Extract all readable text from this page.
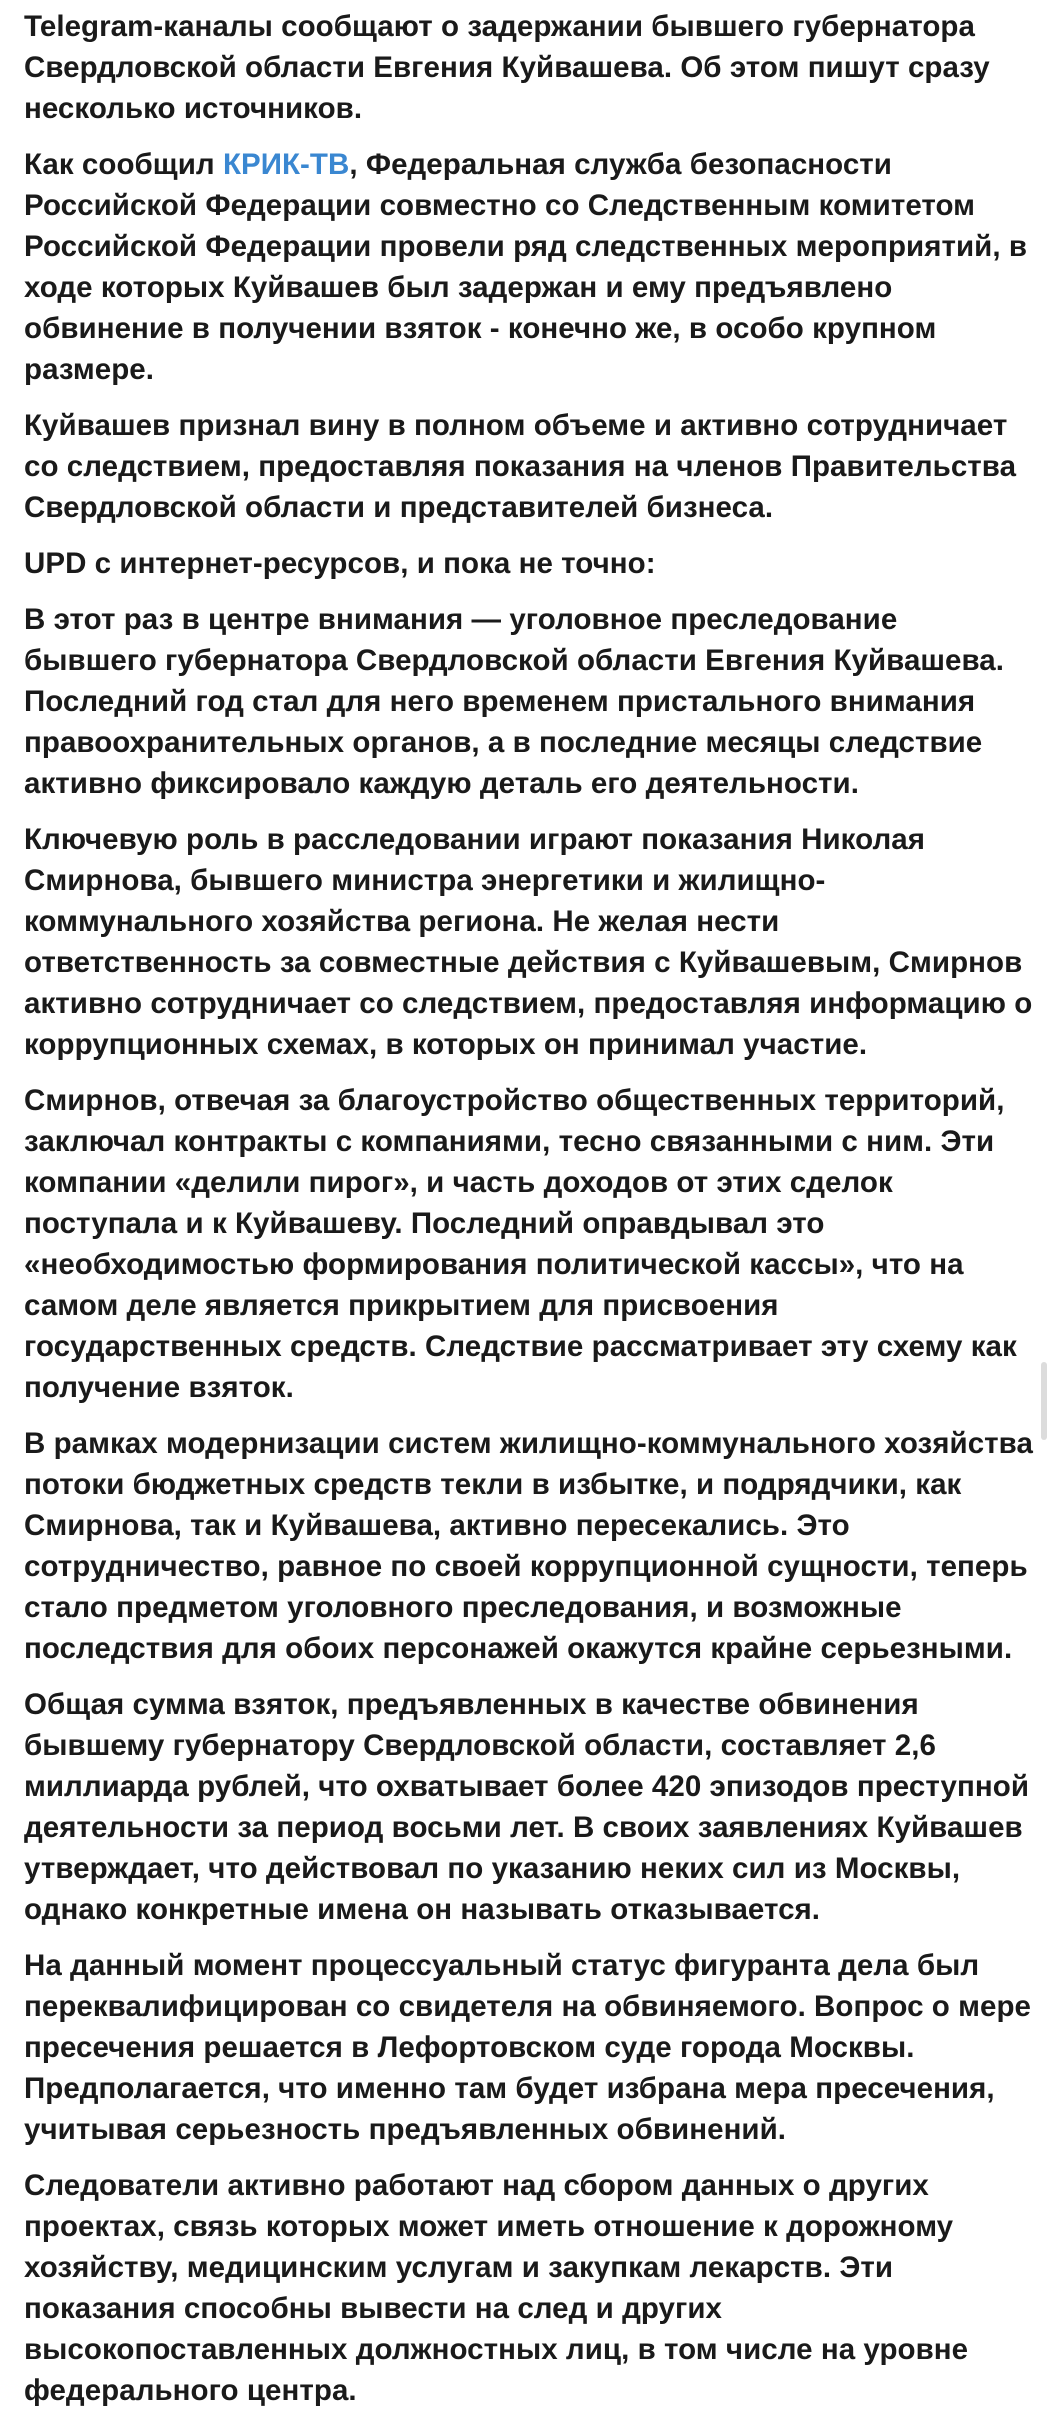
Telegram-каналы сообщают о задержании бывшего губернатора Свердловской области Евгения Куйвашева. Об этом пишут сразу несколько источников.

Как сообщил КРИК-ТВ, Федеральная служба безопасности Российской Федерации совместно со Следственным комитетом Российской Федерации провели ряд следственных мероприятий, в ходе которых Куйвашев был задержан и ему предъявлено обвинение в получении взяток - конечно же, в особо крупном размере.

Куйвашев признал вину в полном объеме и активно сотрудничает со следствием, предоставляя показания на членов Правительства Свердловской области и представителей бизнеса.

UPD с интернет-ресурсов, и пока не точно:

В этот раз в центре внимания — уголовное преследование бывшего губернатора Свердловской области Евгения Куйвашева. Последний год стал для него временем пристального внимания правоохранительных органов, а в последние месяцы следствие активно фиксировало каждую деталь его деятельности.

Ключевую роль в расследовании играют показания Николая Смирнова, бывшего министра энергетики и жилищно-коммунального хозяйства региона. Не желая нести ответственность за совместные действия с Куйвашевым, Смирнов активно сотрудничает со следствием, предоставляя информацию о коррупционных схемах, в которых он принимал участие.

Смирнов, отвечая за благоустройство общественных территорий, заключал контракты с компаниями, тесно связанными с ним. Эти компании «делили пирог», и часть доходов от этих сделок поступала и к Куйвашеву. Последний оправдывал это «необходимостью формирования политической кассы», что на самом деле является прикрытием для присвоения государственных средств. Следствие рассматривает эту схему как получение взяток.

В рамках модернизации систем жилищно-коммунального хозяйства потоки бюджетных средств текли в избытке, и подрядчики, как Смирнова, так и Куйвашева, активно пересекались. Это сотрудничество, равное по своей коррупционной сущности, теперь стало предметом уголовного преследования, и возможные последствия для обоих персонажей окажутся крайне серьезными.

Общая сумма взяток, предъявленных в качестве обвинения бывшему губернатору Свердловской области, составляет 2,6 миллиарда рублей, что охватывает более 420 эпизодов преступной деятельности за период восьми лет. В своих заявлениях Куйвашев утверждает, что действовал по указанию неких сил из Москвы, однако конкретные имена он называть отказывается.

На данный момент процессуальный статус фигуранта дела был переквалифицирован со свидетеля на обвиняемого. Вопрос о мере пресечения решается в Лефортовском суде города Москвы. Предполагается, что именно там будет избрана мера пресечения, учитывая серьезность предъявленных обвинений.

Следователи активно работают над сбором данных о других проектах, связь которых может иметь отношение к дорожному хозяйству, медицинским услугам и закупкам лекарств. Эти показания способны вывести на след и других высокопоставленных должностных лиц, в том числе на уровне федерального центра.
